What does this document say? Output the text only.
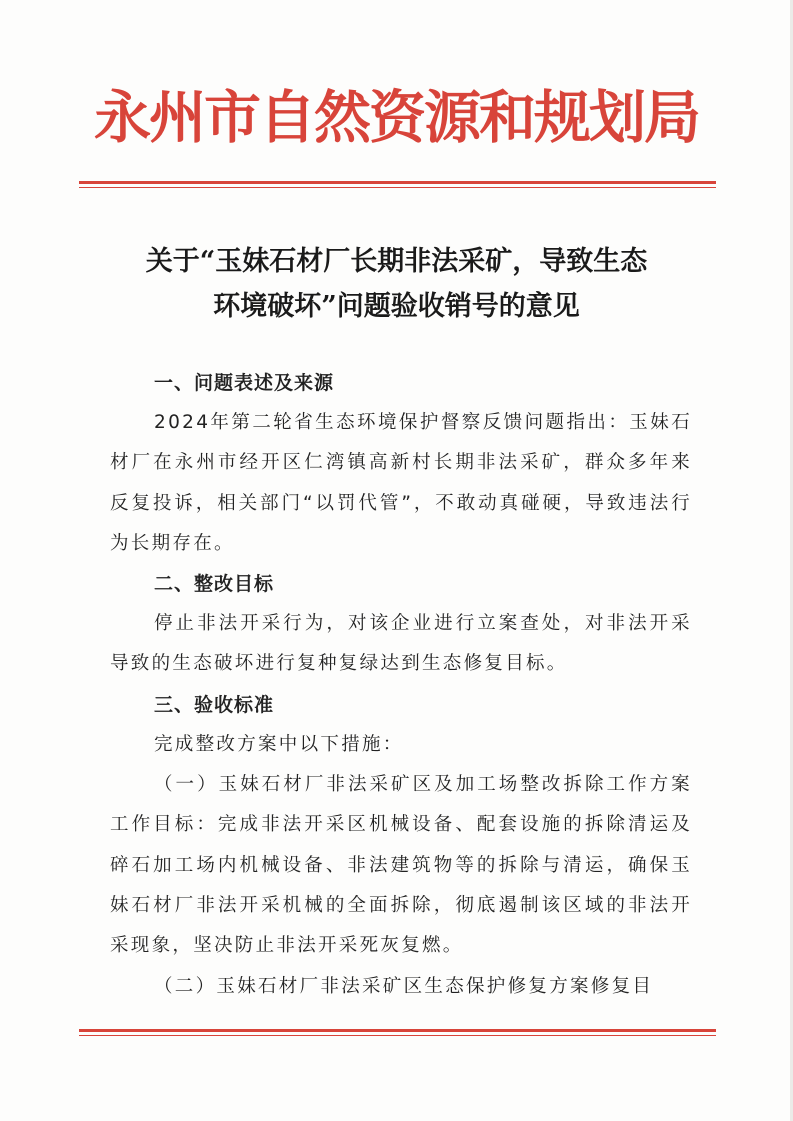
永州市自然资源和规划局
关于“玉妹石材厂长期非法采矿，导致生态
环境破坏”问题验收销号的意见
一、问题表述及来源

2024年第二轮省生态环境保护督察反馈问题指出：玉妹石材厂在永州市经开区仁湾镇高新村长期非法采矿，群众多年来反复投诉，相关部门“以罚代管”，不敢动真碰硬，导致违法行为长期存在。

二、整改目标

停止非法开采行为，对该企业进行立案查处，对非法开采导致的生态破坏进行复种复绿达到生态修复目标。

三、验收标准

完成整改方案中以下措施：

（一）玉妹石材厂非法采矿区及加工场整改拆除工作方案工作目标：完成非法开采区机械设备、配套设施的拆除清运及碎石加工场内机械设备、非法建筑物等的拆除与清运，确保玉妹石材厂非法开采机械的全面拆除，彻底遏制该区域的非法开采现象，坚决防止非法开采死灰复燃。

（二）玉妹石材厂非法采矿区生态保护修复方案修复目
